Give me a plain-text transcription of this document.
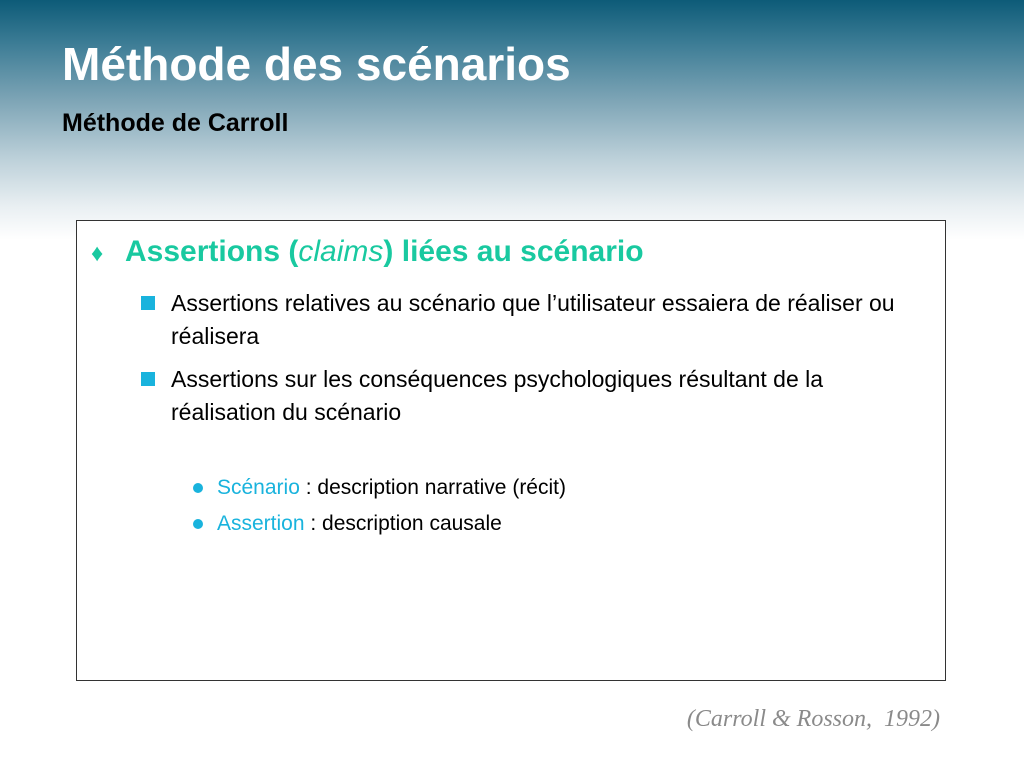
Méthode des scénarios
Méthode de Carroll
♦ Assertions (claims) liées au scénario
Assertions relatives au scénario que l’utilisateur essaiera de réaliser ou réalisera
Assertions sur les conséquences psychologiques résultant de la réalisation du scénario
Scénario : description narrative (récit)
Assertion : description causale
(Carroll & Rosson,  1992)
